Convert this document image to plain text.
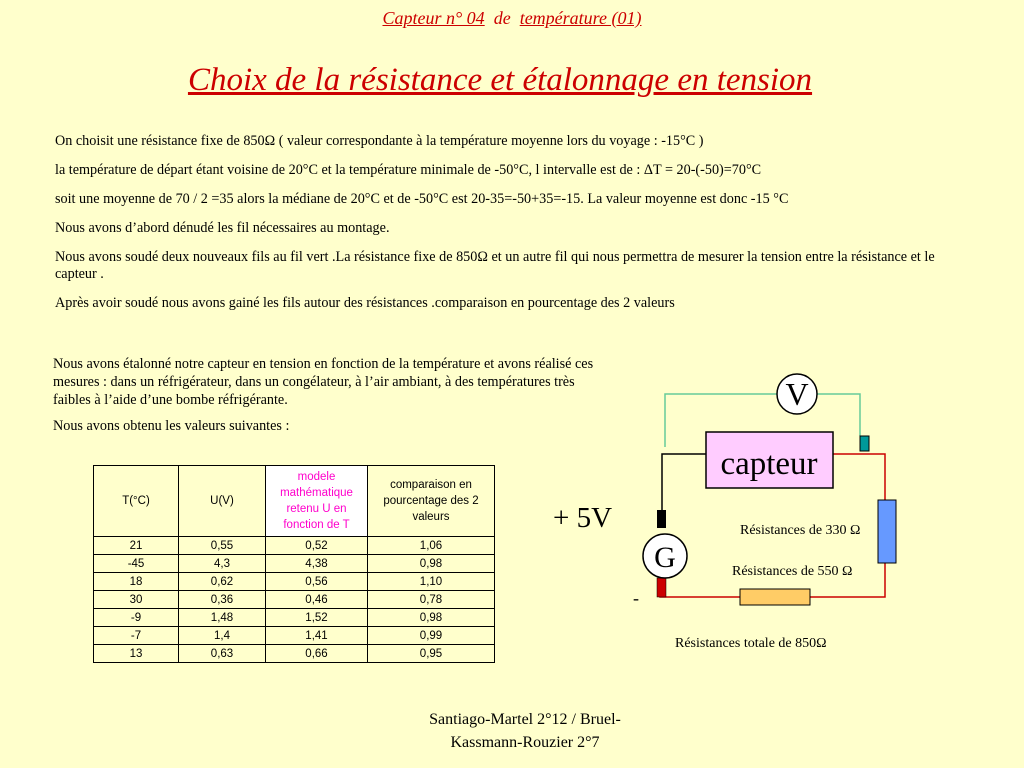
Capteur n° 04 de température (01)
Choix de la résistance et étalonnage en tension

On choisit une résistance fixe de 850Ω ( valeur correspondante à la température moyenne lors du voyage : -15°C )

la température de départ étant voisine de 20°C et la température minimale de -50°C, l intervalle est de : ΔT = 20-(-50)=70°C

soit une moyenne de 70 / 2 =35 alors la médiane de 20°C et de -50°C est 20-35=-50+35=-15. La valeur moyenne est donc -15 °C

Nous avons d’abord dénudé les fil nécessaires au montage.

Nous avons soudé deux nouveaux fils au fil vert .La résistance fixe de 850Ω et un autre fil qui nous permettra de mesurer la tension entre la résistance et le capteur .

Après avoir soudé nous avons gainé les fils autour des résistances .comparaison en pourcentage des 2 valeurs

Nous avons étalonné notre capteur en tension en fonction de la température et avons réalisé ces mesures : dans un réfrigérateur, dans un congélateur, à l’air ambiant, à des températures très faibles à l’aide d’une bombe réfrigérante.

Nous avons obtenu les valeurs suivantes :

T(°C)	U(V)	modele mathématique retenu U en fonction de T	comparaison en pourcentage des 2 valeurs
21	0,55	0,52	1,06
-45	4,3	4,38	0,98
18	0,62	0,56	1,10
30	0,36	0,46	0,78
-9	1,48	1,52	0,98
-7	1,4	1,41	0,99
13	0,63	0,66	0,95
V
capteur
G
+ 5V
-
Résistances de 330 Ω
Résistances de 550 Ω
Résistances totale de 850Ω
Santiago-Martel 2°12 / Bruel-
Kassmann-Rouzier 2°7
